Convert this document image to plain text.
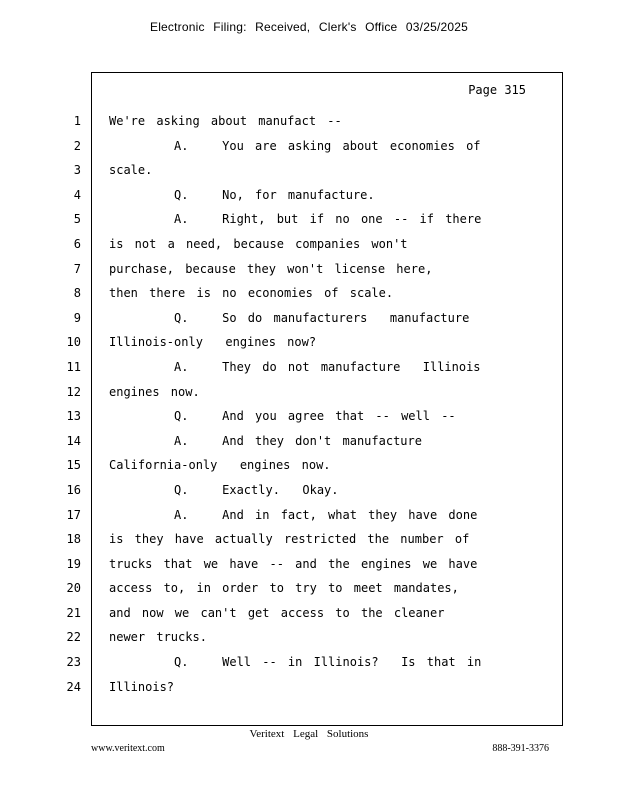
Electronic Filing: Received, Clerk's Office 03/25/2025
Page 315
1
2
3
4
5
6
7
8
9
10
11
12
13
14
15
16
17
18
19
20
21
22
23
24
We're asking about manufact --
A.   You are asking about economies of
scale.
Q.   No, for manufacture.
A.   Right, but if no one -- if there
is not a need, because companies won't
purchase, because they won't license here,
then there is no economies of scale.
Q.   So do manufacturers  manufacture
Illinois-only  engines now?
A.   They do not manufacture  Illinois
engines now.
Q.   And you agree that -- well --
A.   And they don't manufacture
California-only  engines now.
Q.   Exactly.  Okay.
A.   And in fact, what they have done
is they have actually restricted the number of
trucks that we have -- and the engines we have
access to, in order to try to meet mandates,
and now we can't get access to the cleaner
newer trucks.
Q.   Well -- in Illinois?  Is that in
Illinois?
Veritext Legal Solutions
www.veritext.com	888-391-3376
